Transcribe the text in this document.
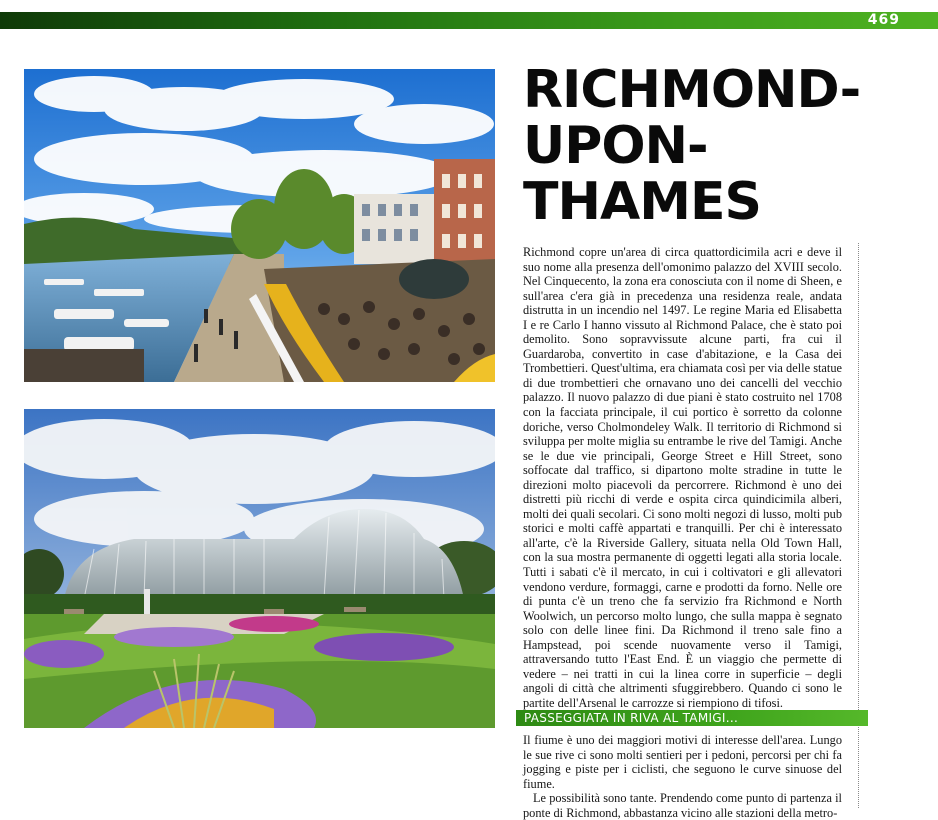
469
RICHMOND-
UPON-
THAMES

Richmond copre un'area di circa quattordicimila acri e deve il suo nome alla presenza dell'omonimo palazzo del XVIII secolo. Nel Cinquecento, la zona era conosciuta con il nome di Sheen, e sull'area c'era già in precedenza una residenza reale, andata distrutta in un incendio nel 1497. Le regine Maria ed Elisabetta I e re Carlo I hanno vissuto al Richmond Palace, che è stato poi demolito. Sono sopravvissute alcune parti, fra cui il Guardaroba, convertito in case d'abitazione, e la Casa dei Trombettieri. Quest'ultima, era chiamata così per via delle statue di due trombettieri che ornavano uno dei cancelli del vecchio palazzo. Il nuovo palazzo di due piani è stato costruito nel 1708 con la facciata principale, il cui portico è sorretto da colonne doriche, verso Cholmondeley Walk. Il territorio di Richmond si sviluppa per molte miglia su entrambe le rive del Tamigi. Anche se le due vie principali, George Street e Hill Street, sono soffocate dal traffico, si dipartono molte stradine in tutte le direzioni molto piacevoli da percorrere. Richmond è uno dei distretti più ricchi di verde e ospita circa quindicimila alberi, molti dei quali secolari. Ci sono molti negozi di lusso, molti pub storici e molti caffè appartati e tranquilli. Per chi è interessato all'arte, c'è la Riverside Gallery, situata nella Old Town Hall, con la sua mostra permanente di oggetti legati alla storia locale. Tutti i sabati c'è il mercato, in cui i coltivatori e gli allevatori vendono verdure, formaggi, carne e prodotti da forno. Nelle ore di punta c'è un treno che fa servizio fra Richmond e North Woolwich, un percorso molto lungo, che sulla mappa è segnato solo con delle linee fini. Da Richmond il treno sale fino a Hampstead, poi scende nuovamente verso il Tamigi, attraversando tutto l'East End. È un viaggio che permette di vedere – nei tratti in cui la linea corre in superficie – degli angoli di città che altrimenti sfuggirebbero. Quando ci sono le partite dell'Arsenal le carrozze si riempiono di tifosi.

PASSEGGIATA IN RIVA AL TAMIGI...

Il fiume è uno dei maggiori motivi di interesse dell'area. Lungo le sue rive ci sono molti sentieri per i pedoni, percorsi per chi fa jogging e piste per i ciclisti, che seguono le curve sinuose del fiume.

Le possibilità sono tante. Prendendo come punto di partenza il ponte di Richmond, abbastanza vicino alle stazioni della metro-
